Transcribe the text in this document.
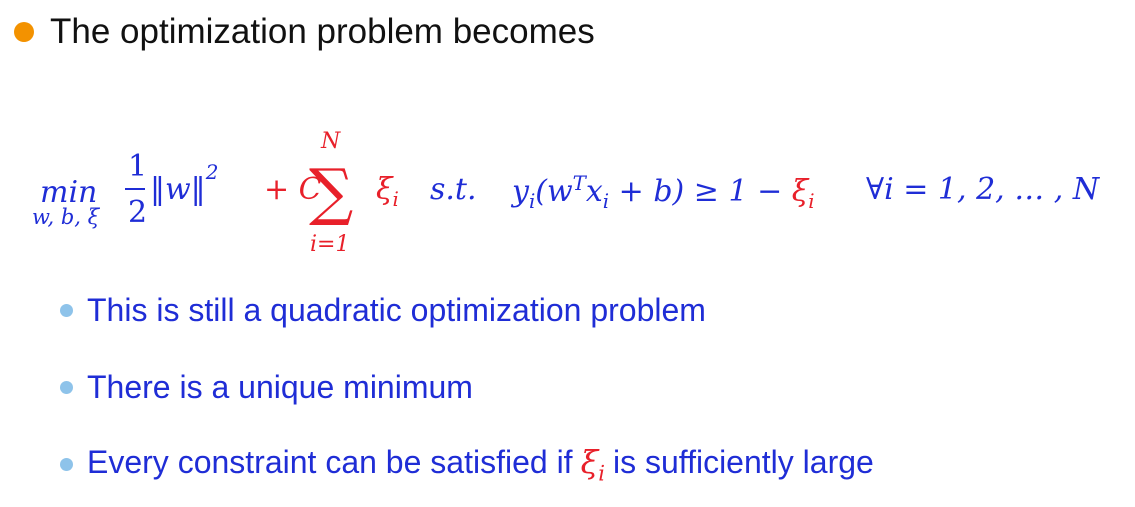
The optimization problem becomes
min
w, b, ξ
1
2
‖w‖ 2 + C
N
∑
i=1
$\xi_i$ s.t. $y_i(w^Tx_i + b) \ge 1 - \xi_i$ ∀i = 1, 2, … , N
This is still a quadratic optimization problem
There is a unique minimum
Every constraint can be satisfied if $\xi_i$ is sufficiently large
